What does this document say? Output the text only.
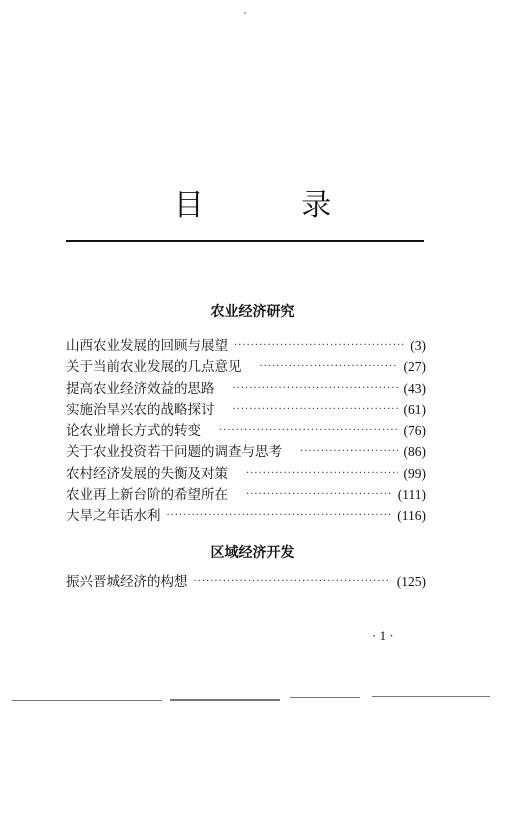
目 录
农业经济研究
山西农业发展的回顾与展望 ·····	(3)
关于当前农业发展的几点意见 ·····	(27)
提高农业经济效益的思路 ·····	(43)
实施治旱兴农的战略探讨 ·····	(61)
论农业增长方式的转变 ·····	(76)
关于农业投资若干问题的调查与思考 ·····	(86)
农村经济发展的失衡及对策 ·····	(99)
农业再上新台阶的希望所在 ·····	(111)
大旱之年话水利 ·····	(116)
区域经济开发
振兴晋城经济的构想 ·····	(125)
· 1 ·
